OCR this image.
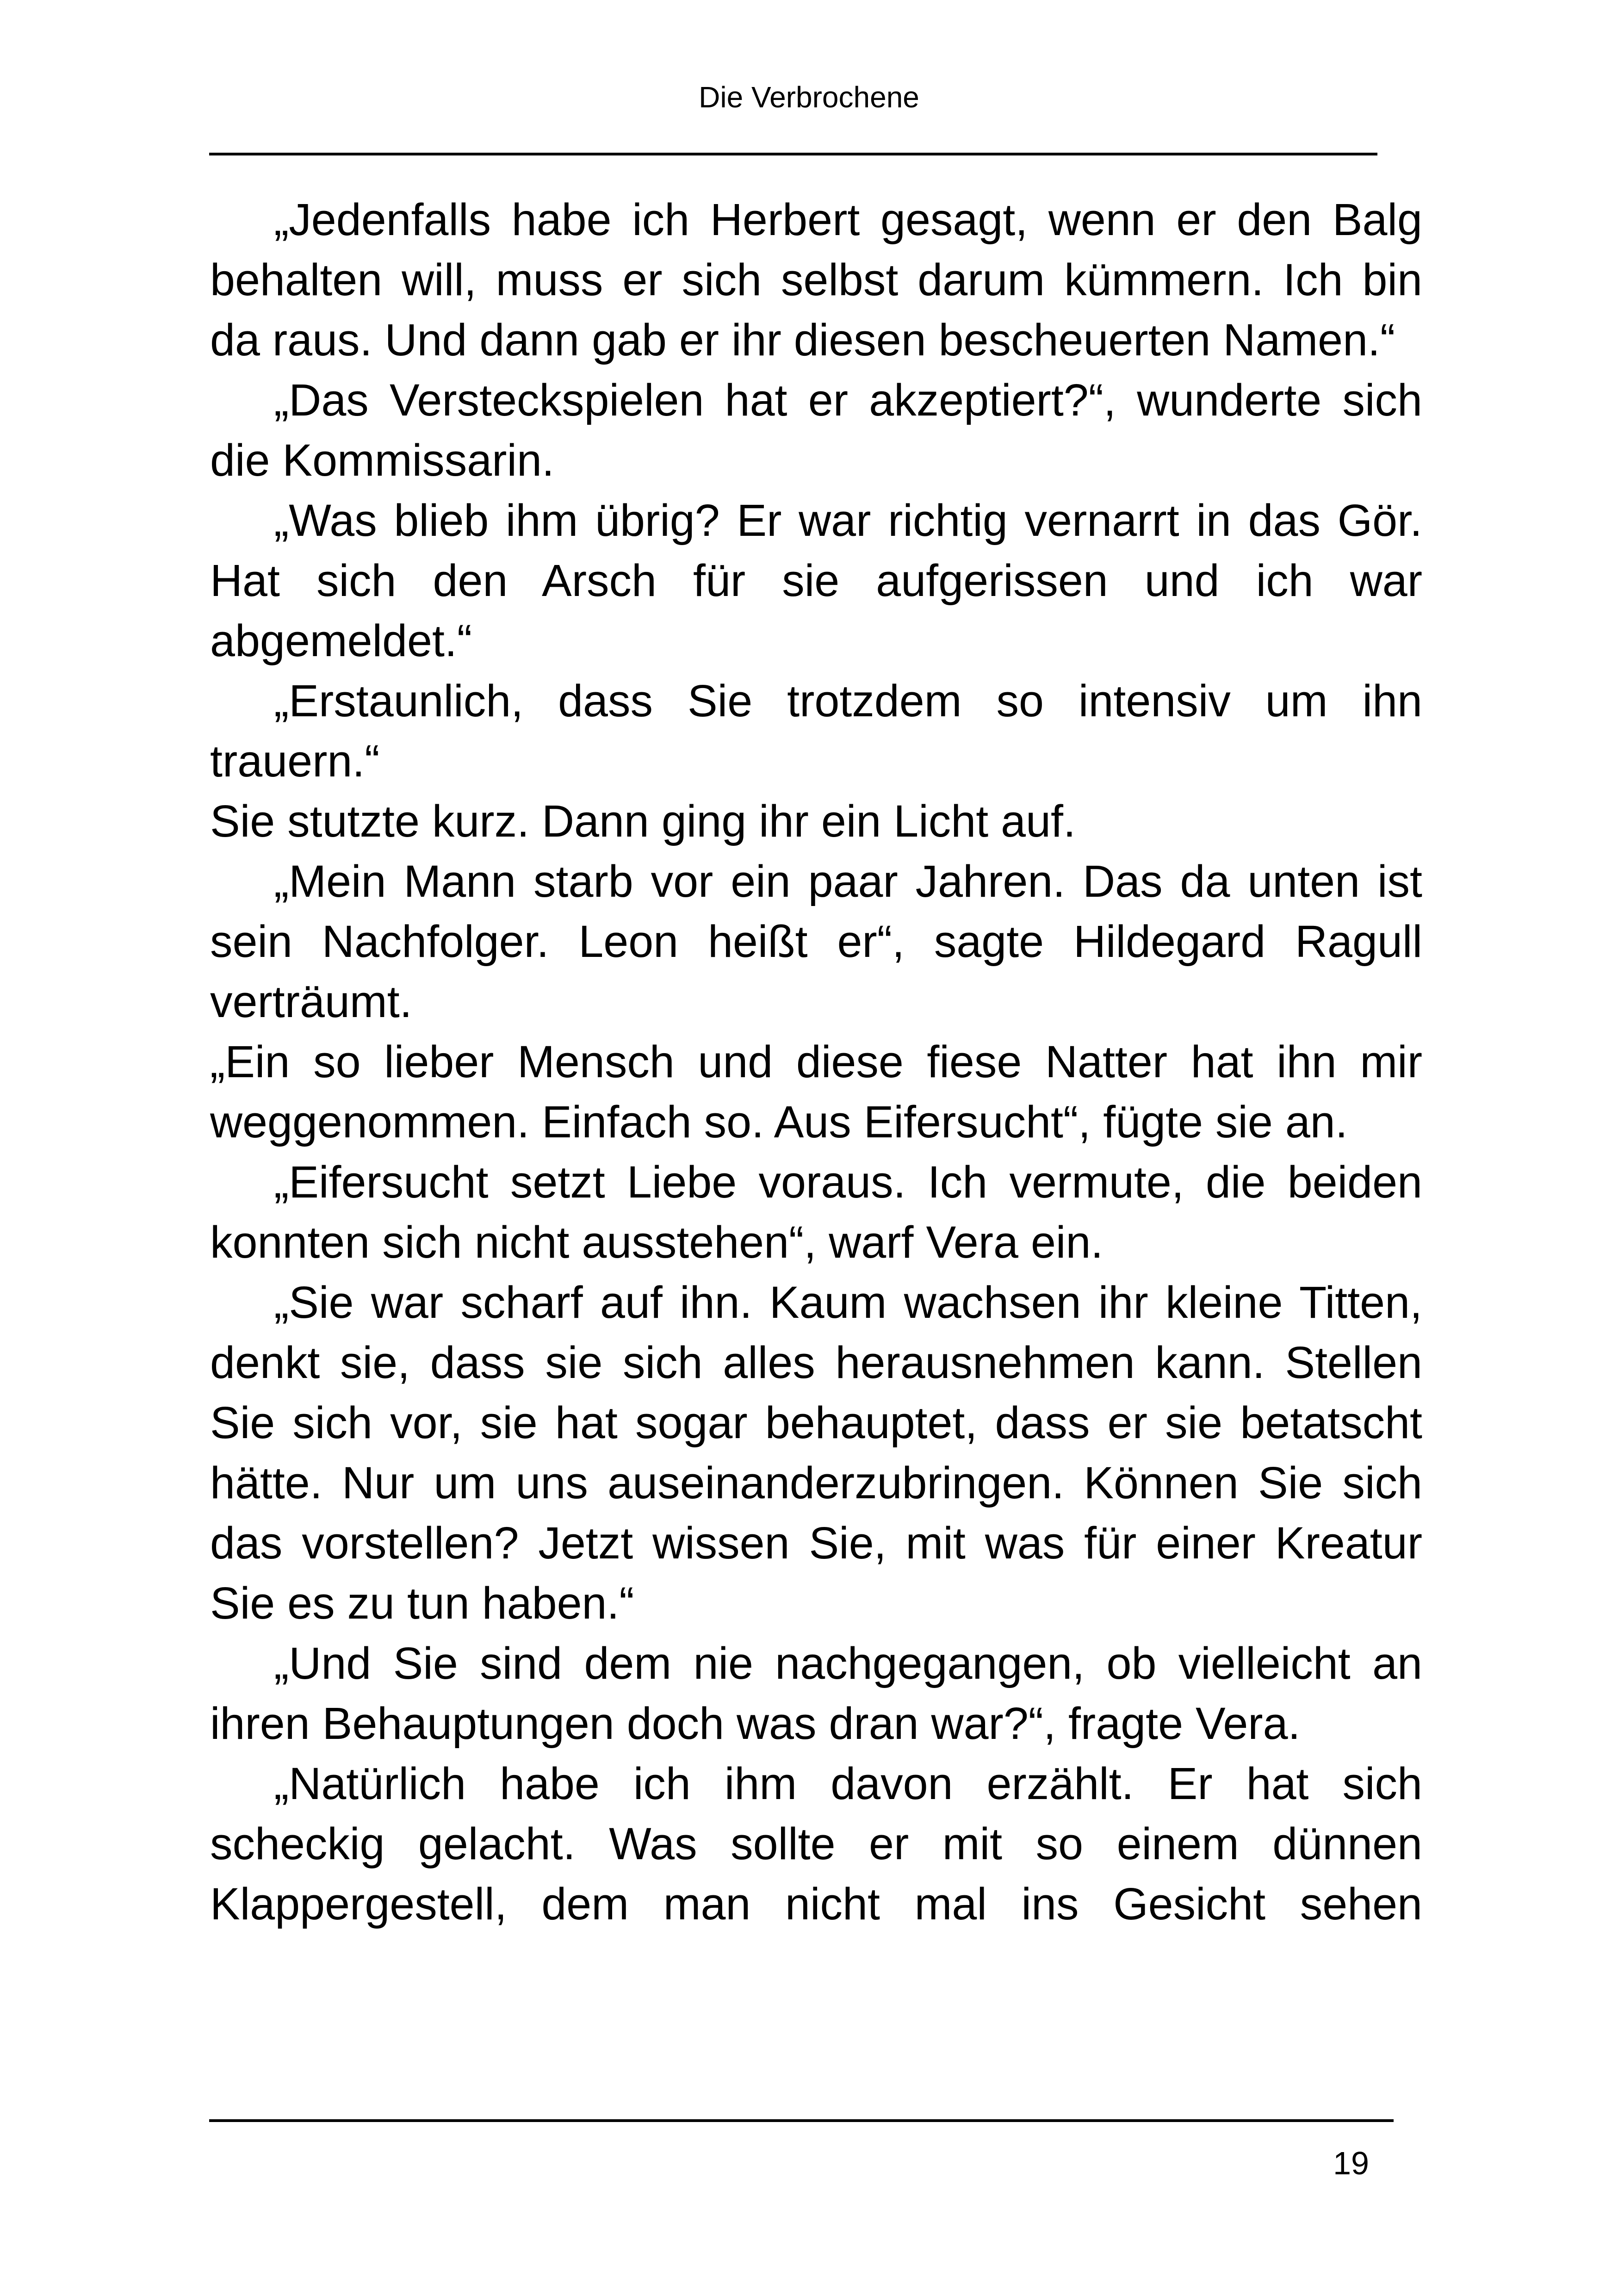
Die Verbrochene

„Jedenfalls habe ich Herbert gesagt, wenn er den Balg behalten will, muss er sich selbst darum kümmern. Ich bin da raus. Und dann gab er ihr diesen bescheuerten Namen.“

„Das Versteckspielen hat er akzeptiert?“, wunderte sich die Kommissarin.

„Was blieb ihm übrig? Er war richtig vernarrt in das Gör. Hat sich den Arsch für sie aufgerissen und ich war abgemeldet.“

„Erstaunlich, dass Sie trotzdem so intensiv um ihn trauern.“

Sie stutzte kurz. Dann ging ihr ein Licht auf.

„Mein Mann starb vor ein paar Jahren. Das da unten ist sein Nachfolger. Leon heißt er“, sagte Hildegard Ragull verträumt.

„Ein so lieber Mensch und diese fiese Natter hat ihn mir weggenommen. Einfach so. Aus Eifersucht“, fügte sie an.

„Eifersucht setzt Liebe voraus. Ich vermute, die beiden konnten sich nicht ausstehen“, warf Vera ein.

„Sie war scharf auf ihn. Kaum wachsen ihr kleine Titten, denkt sie, dass sie sich alles herausnehmen kann. Stellen Sie sich vor, sie hat sogar behauptet, dass er sie betatscht hätte. Nur um uns auseinanderzubringen. Können Sie sich das vorstellen? Jetzt wissen Sie, mit was für einer Kreatur Sie es zu tun haben.“

„Und Sie sind dem nie nachgegangen, ob vielleicht an ihren Behauptungen doch was dran war?“, fragte Vera.

„Natürlich habe ich ihm davon erzählt. Er hat sich scheckig gelacht. Was sollte er mit so einem dünnen Klappergestell, dem man nicht mal ins Gesicht sehen

19
